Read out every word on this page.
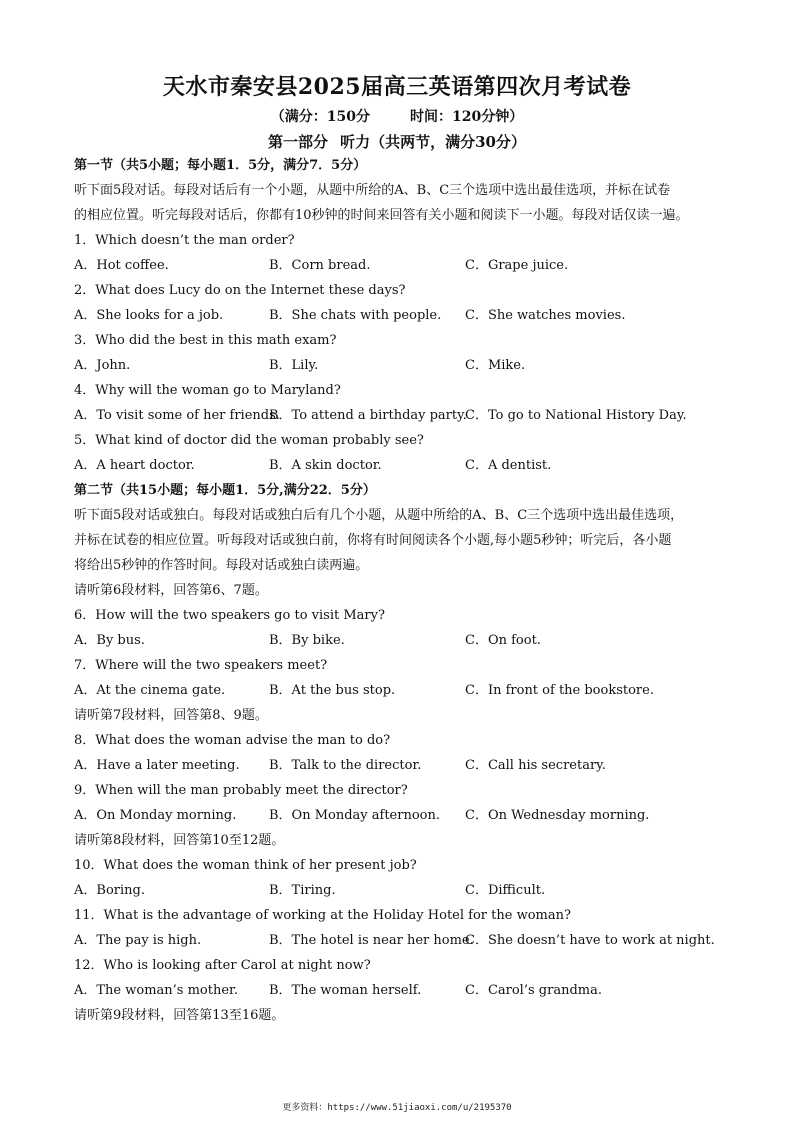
天水市秦安县2025届高三英语第四次月考试卷
（满分：150分	时间：120分钟）
第一部分 听力（共两节，满分30分）
第一节（共5小题；每小题1．5分，满分7．5分）
听下面5段对话。每段对话后有一个小题，从题中所给的A、B、C三个选项中选出最佳选项，并标在试卷
的相应位置。听完每段对话后，你都有10秒钟的时间来回答有关小题和阅读下一小题。每段对话仅读一遍。
1．Which doesn’t the man order?
A．Hot coffee.	B．Corn bread.	C．Grape juice.
2．What does Lucy do on the Internet these days?
A．She looks for a job.	B．She chats with people. C．She watches movies.
3．Who did the best in this math exam?
A．John.	B．Lily.	C．Mike.
4．Why will the woman go to Maryland?
A．To visit some of her friends.
B．To attend a birthday party.
C．To go to National History Day.
5．What kind of doctor did the woman probably see?
A．A heart doctor.	B．A skin doctor.	C．A dentist.
第二节（共15小题；每小题1．5分,满分22．5分）
听下面5段对话或独白。每段对话或独白后有几个小题，从题中所给的A、B、C三个选项中选出最佳选项，
并标在试卷的相应位置。听每段对话或独白前，你将有时间阅读各个小题,每小题5秒钟；听完后，各小题
将给出5秒钟的作答时间。每段对话或独白读两遍。
请听第6段材料，回答第6、7题。
6．How will the two speakers go to visit Mary?
A．By bus.	B．By bike.	C．On foot.
7．Where will the two speakers meet?
A．At the cinema gate.	B．At the bus stop.	C．In front of the bookstore.
请听第7段材料，回答第8、9题。
8．What does the woman advise the man to do?
A．Have a later meeting. B．Talk to the director.	C．Call his secretary.
9．When will the man probably meet the director?
A．On Monday morning.	B．On Monday afternoon. C．On Wednesday morning.
请听第8段材料，回答第10至12题。
10．What does the woman think of her present job?
A．Boring.	B．Tiring.	C．Difficult.
11．What is the advantage of working at the Holiday Hotel for the woman?
A．The pay is high.	B．The hotel is near her home.
C．She doesn’t have to work at night.
12．Who is looking after Carol at night now?
A．The woman’s mother. B．The woman herself.	C．Carol’s grandma.
请听第9段材料，回答第13至16题。
更多资料：https://www.51jiaoxi.com/u/2195370
